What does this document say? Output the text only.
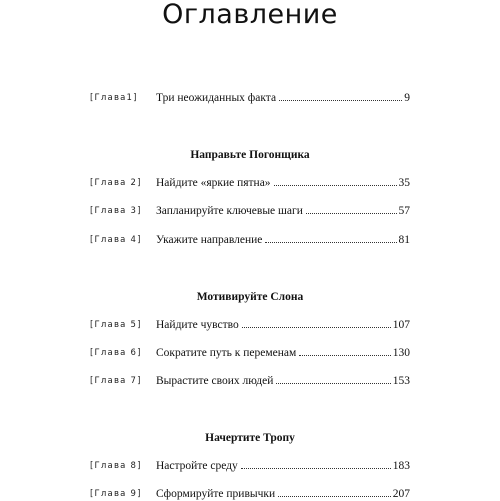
Оглавление
[Глава1] Три неожиданных факта	9
Направьте Погонщика
[Глава 2] Найдите «яркие пятна»	35
[Глава 3] Запланируйте ключевые шаги	57
[Глава 4] Укажите направление	81
Мотивируйте Слона
[Глава 5] Найдите чувство	107
[Глава 6] Сократите путь к переменам	130
[Глава 7] Вырастите своих людей	153
Начертите Тропу
[Глава 8] Настройте среду	183
[Глава 9] Сформируйте привычки	207
